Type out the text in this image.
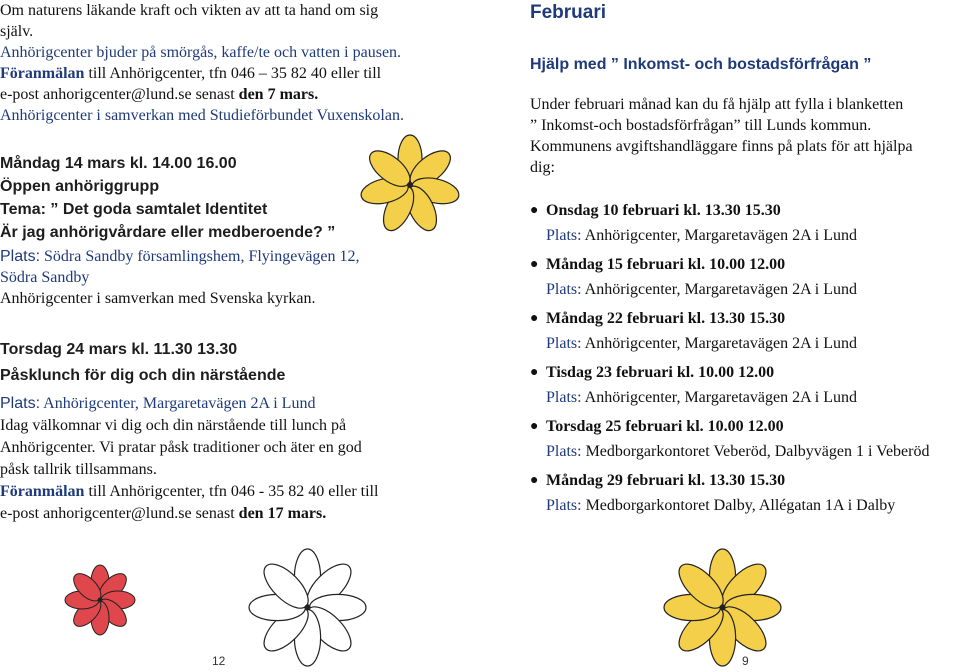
Om naturens läkande kraft och vikten av att ta hand om sig

själv.

Anhörigcenter bjuder på smörgås, kaffe/te och vatten i pausen.

Föranmälan till Anhörigcenter, tfn 046 – 35 82 40 eller till

e-post anhorigcenter@lund.se senast den 7 mars.

Anhörigcenter i samverkan med Studieförbundet Vuxenskolan.

Måndag 14 mars kl. 14.00 16.00

Öppen anhöriggrupp

Tema: ” Det goda samtalet Identitet

Är jag anhörigvårdare eller medberoende? ”

Plats: Södra Sandby församlingshem, Flyingevägen 12,

Södra Sandby

Anhörigcenter i samverkan med Svenska kyrkan.

Torsdag 24 mars kl. 11.30 13.30

Påsklunch för dig och din närstående

Plats: Anhörigcenter, Margaretavägen 2A i Lund

Idag välkomnar vi dig och din närstående till lunch på

Anhörigcenter. Vi pratar påsk traditioner och äter en god

påsk tallrik tillsammans.

Föranmälan till Anhörigcenter, tfn 046 - 35 82 40 eller till

e-post anhorigcenter@lund.se senast den 17 mars.

12
Februari
Hjälp med ” Inkomst- och bostadsförfrågan ”

Under februari månad kan du få hjälp att fylla i blanketten

” Inkomst-och bostadsförfrågan” till Lunds kommun.

Kommunens avgiftshandläggare finns på plats för att hjälpa

dig:

● Onsdag 10 februari kl. 13.30 15.30
Plats: Anhörigcenter, Margaretavägen 2A i Lund
● Måndag 15 februari kl. 10.00 12.00
Plats: Anhörigcenter, Margaretavägen 2A i Lund
● Måndag 22 februari kl. 13.30 15.30
Plats: Anhörigcenter, Margaretavägen 2A i Lund
● Tisdag 23 februari kl. 10.00 12.00
Plats: Anhörigcenter, Margaretavägen 2A i Lund
● Torsdag 25 februari kl. 10.00 12.00
Plats: Medborgarkontoret Veberöd, Dalbyvägen 1 i Veberöd
● Måndag 29 februari kl. 13.30 15.30
Plats: Medborgarkontoret Dalby, Allégatan 1A i Dalby
9
